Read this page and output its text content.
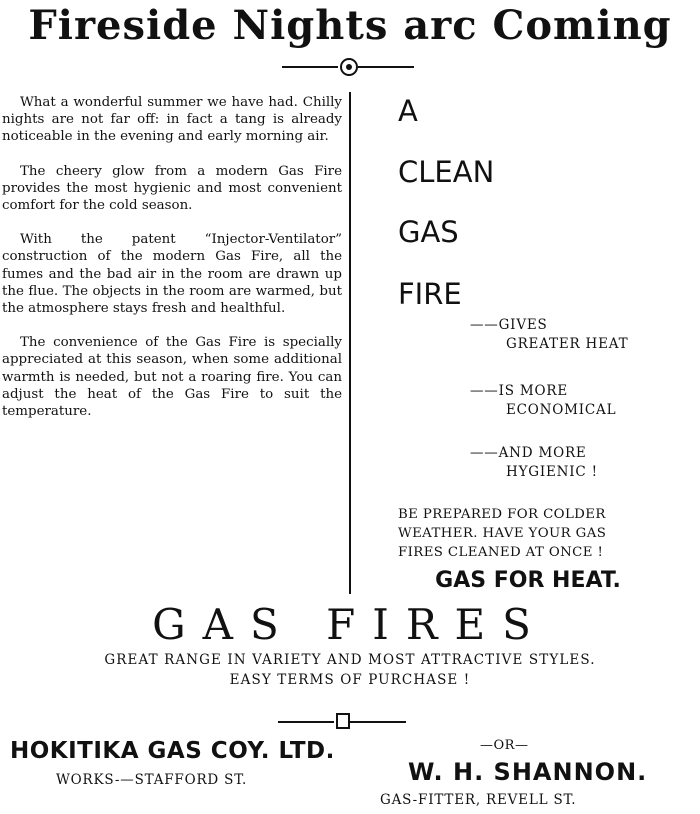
Fireside Nights arc Coming

What a wonderful summer we have had. Chilly nights are not far off: in fact a tang is already noticeable in the evening and early morning air.

The cheery glow from a modern Gas Fire provides the most hygienic and most convenient comfort for the cold season.

With the patent “Injector-Ventilator” construction of the modern Gas Fire, all the fumes and the bad air in the room are drawn up the flue. The objects in the room are warmed, but the atmosphere stays fresh and healthful.

The convenience of the Gas Fire is specially appreciated at this season, when some additional warmth is needed, but not a roaring fire. You can adjust the heat of the Gas Fire to suit the temperature.

A
CLEAN
GAS
FIRE
——GIVES
GREATER HEAT
——IS MORE
ECONOMICAL
——AND MORE
HYGIENIC !
BE PREPARED FOR COLDER
WEATHER. HAVE YOUR GAS
FIRES CLEANED AT ONCE !
GAS FOR HEAT.
GAS FIRES
GREAT RANGE IN VARIETY AND MOST ATTRACTIVE STYLES.
EASY TERMS OF PURCHASE !
HOKITIKA GAS COY. LTD.
WORKS-—STAFFORD ST.
—OR—
W. H. SHANNON.
GAS-FITTER, REVELL ST.
